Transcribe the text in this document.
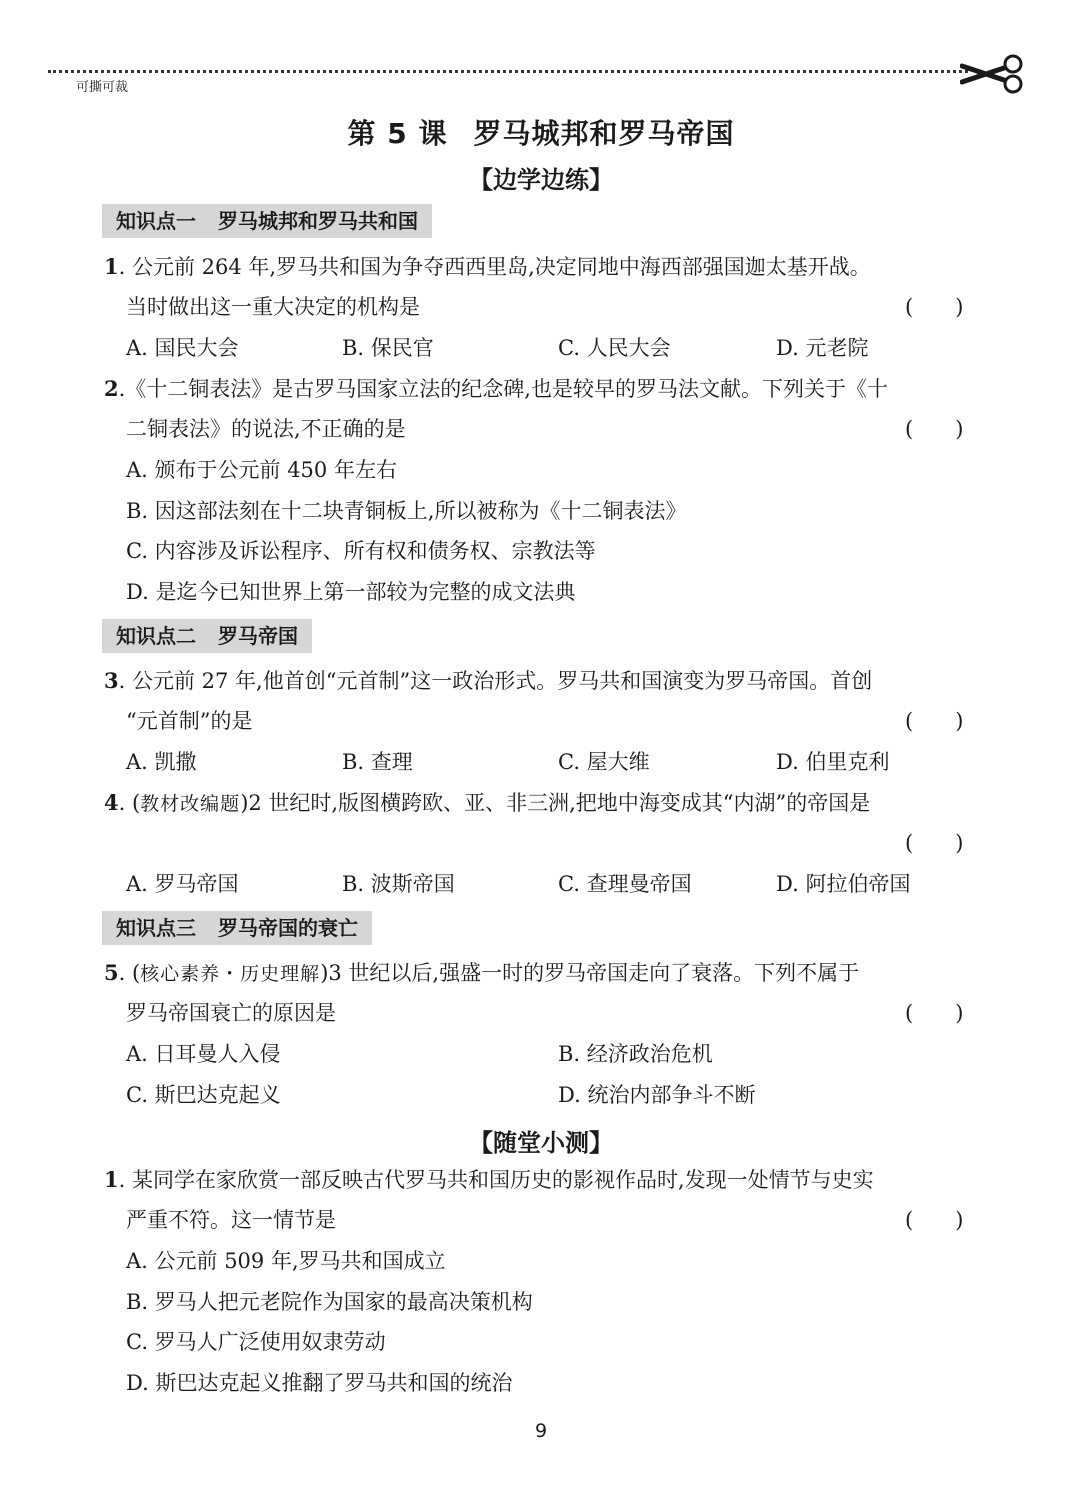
可撕可裁
第 5 课 罗马城邦和罗马帝国
【边学边练】
知识点一 罗马城邦和罗马共和国
1. 公元前 264 年,罗马共和国为争夺西西里岛,决定同地中海西部强国迦太基开战。
当时做出这一重大决定的机构是	(　　)
A. 国民大会	B. 保民官	C. 人民大会	D. 元老院
2.《十二铜表法》是古罗马国家立法的纪念碑,也是较早的罗马法文献。下列关于《十
二铜表法》的说法,不正确的是	(　　)
A. 颁布于公元前 450 年左右
B. 因这部法刻在十二块青铜板上,所以被称为《十二铜表法》
C. 内容涉及诉讼程序、所有权和债务权、宗教法等
D. 是迄今已知世界上第一部较为完整的成文法典
知识点二 罗马帝国
3. 公元前 27 年,他首创“元首制”这一政治形式。罗马共和国演变为罗马帝国。首创
“元首制”的是	(　　)
A. 凯撒	B. 查理	C. 屋大维	D. 伯里克利
4. (教材改编题)2 世纪时,版图横跨欧、亚、非三洲,把地中海变成其“内湖”的帝国是
(　　)
A. 罗马帝国	B. 波斯帝国	C. 查理曼帝国	D. 阿拉伯帝国
知识点三 罗马帝国的衰亡
5. (核心素养・历史理解)3 世纪以后,强盛一时的罗马帝国走向了衰落。下列不属于
罗马帝国衰亡的原因是	(　　)
A. 日耳曼人入侵	B. 经济政治危机
C. 斯巴达克起义	D. 统治内部争斗不断
【随堂小测】
1. 某同学在家欣赏一部反映古代罗马共和国历史的影视作品时,发现一处情节与史实
严重不符。这一情节是	(　　)
A. 公元前 509 年,罗马共和国成立
B. 罗马人把元老院作为国家的最高决策机构
C. 罗马人广泛使用奴隶劳动
D. 斯巴达克起义推翻了罗马共和国的统治
9
